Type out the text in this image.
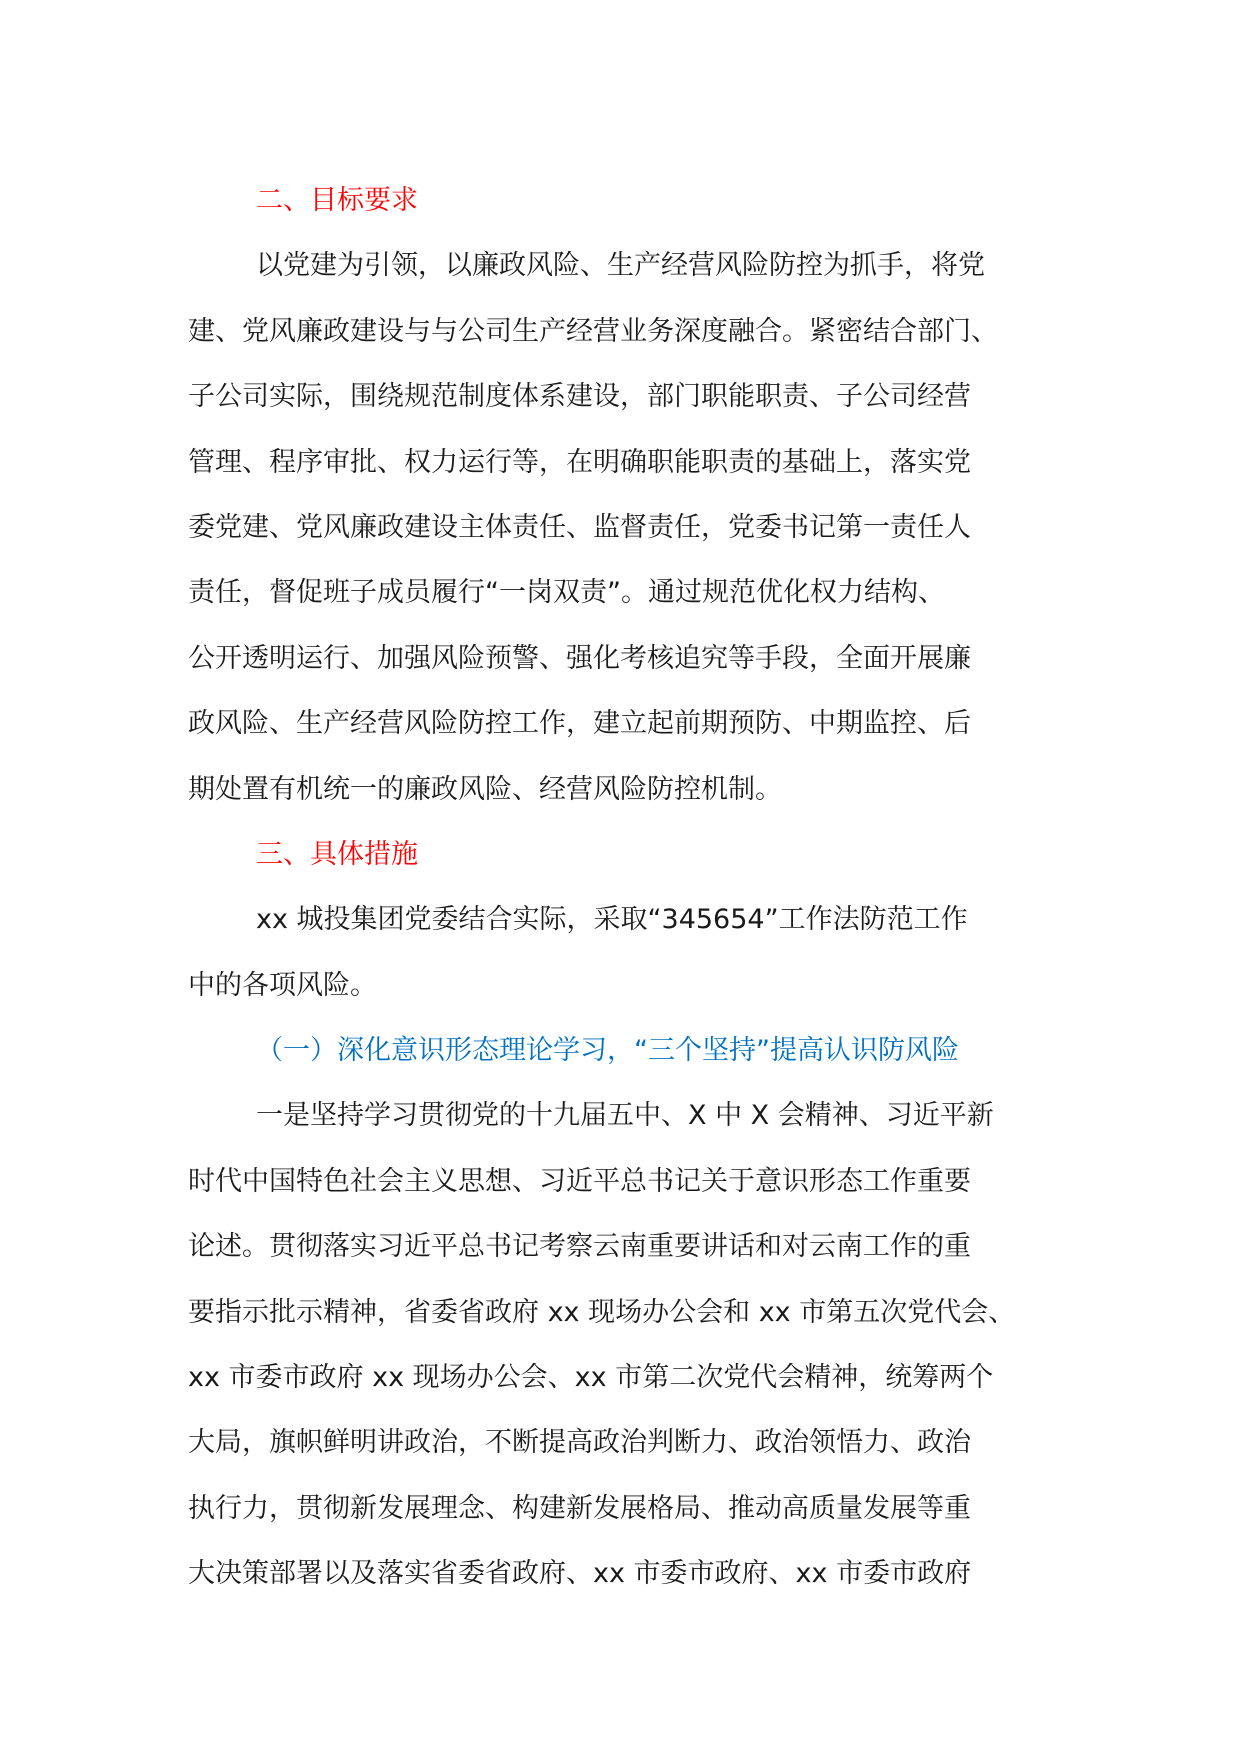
二、目标要求
以党建为引领，以廉政风险、生产经营风险防控为抓手，将党
建、党风廉政建设与与公司生产经营业务深度融合。紧密结合部门、
子公司实际，围绕规范制度体系建设，部门职能职责、子公司经营
管理、程序审批、权力运行等，在明确职能职责的基础上，落实党
委党建、党风廉政建设主体责任、监督责任，党委书记第一责任人
责任，督促班子成员履行“一岗双责”。通过规范优化权力结构、
公开透明运行、加强风险预警、强化考核追究等手段，全面开展廉
政风险、生产经营风险防控工作，建立起前期预防、中期监控、后
期处置有机统一的廉政风险、经营风险防控机制。
三、具体措施
xx 城投集团党委结合实际，采取“345654”工作法防范工作
中的各项风险。
（一）深化意识形态理论学习，“三个坚持”提高认识防风险
一是坚持学习贯彻党的十九届五中、X 中 X 会精神、习近平新
时代中国特色社会主义思想、习近平总书记关于意识形态工作重要
论述。贯彻落实习近平总书记考察云南重要讲话和对云南工作的重
要指示批示精神，省委省政府 xx 现场办公会和 xx 市第五次党代会、
xx 市委市政府 xx 现场办公会、xx 市第二次党代会精神，统筹两个
大局，旗帜鲜明讲政治，不断提高政治判断力、政治领悟力、政治
执行力，贯彻新发展理念、构建新发展格局、推动高质量发展等重
大决策部署以及落实省委省政府、xx 市委市政府、xx 市委市政府
